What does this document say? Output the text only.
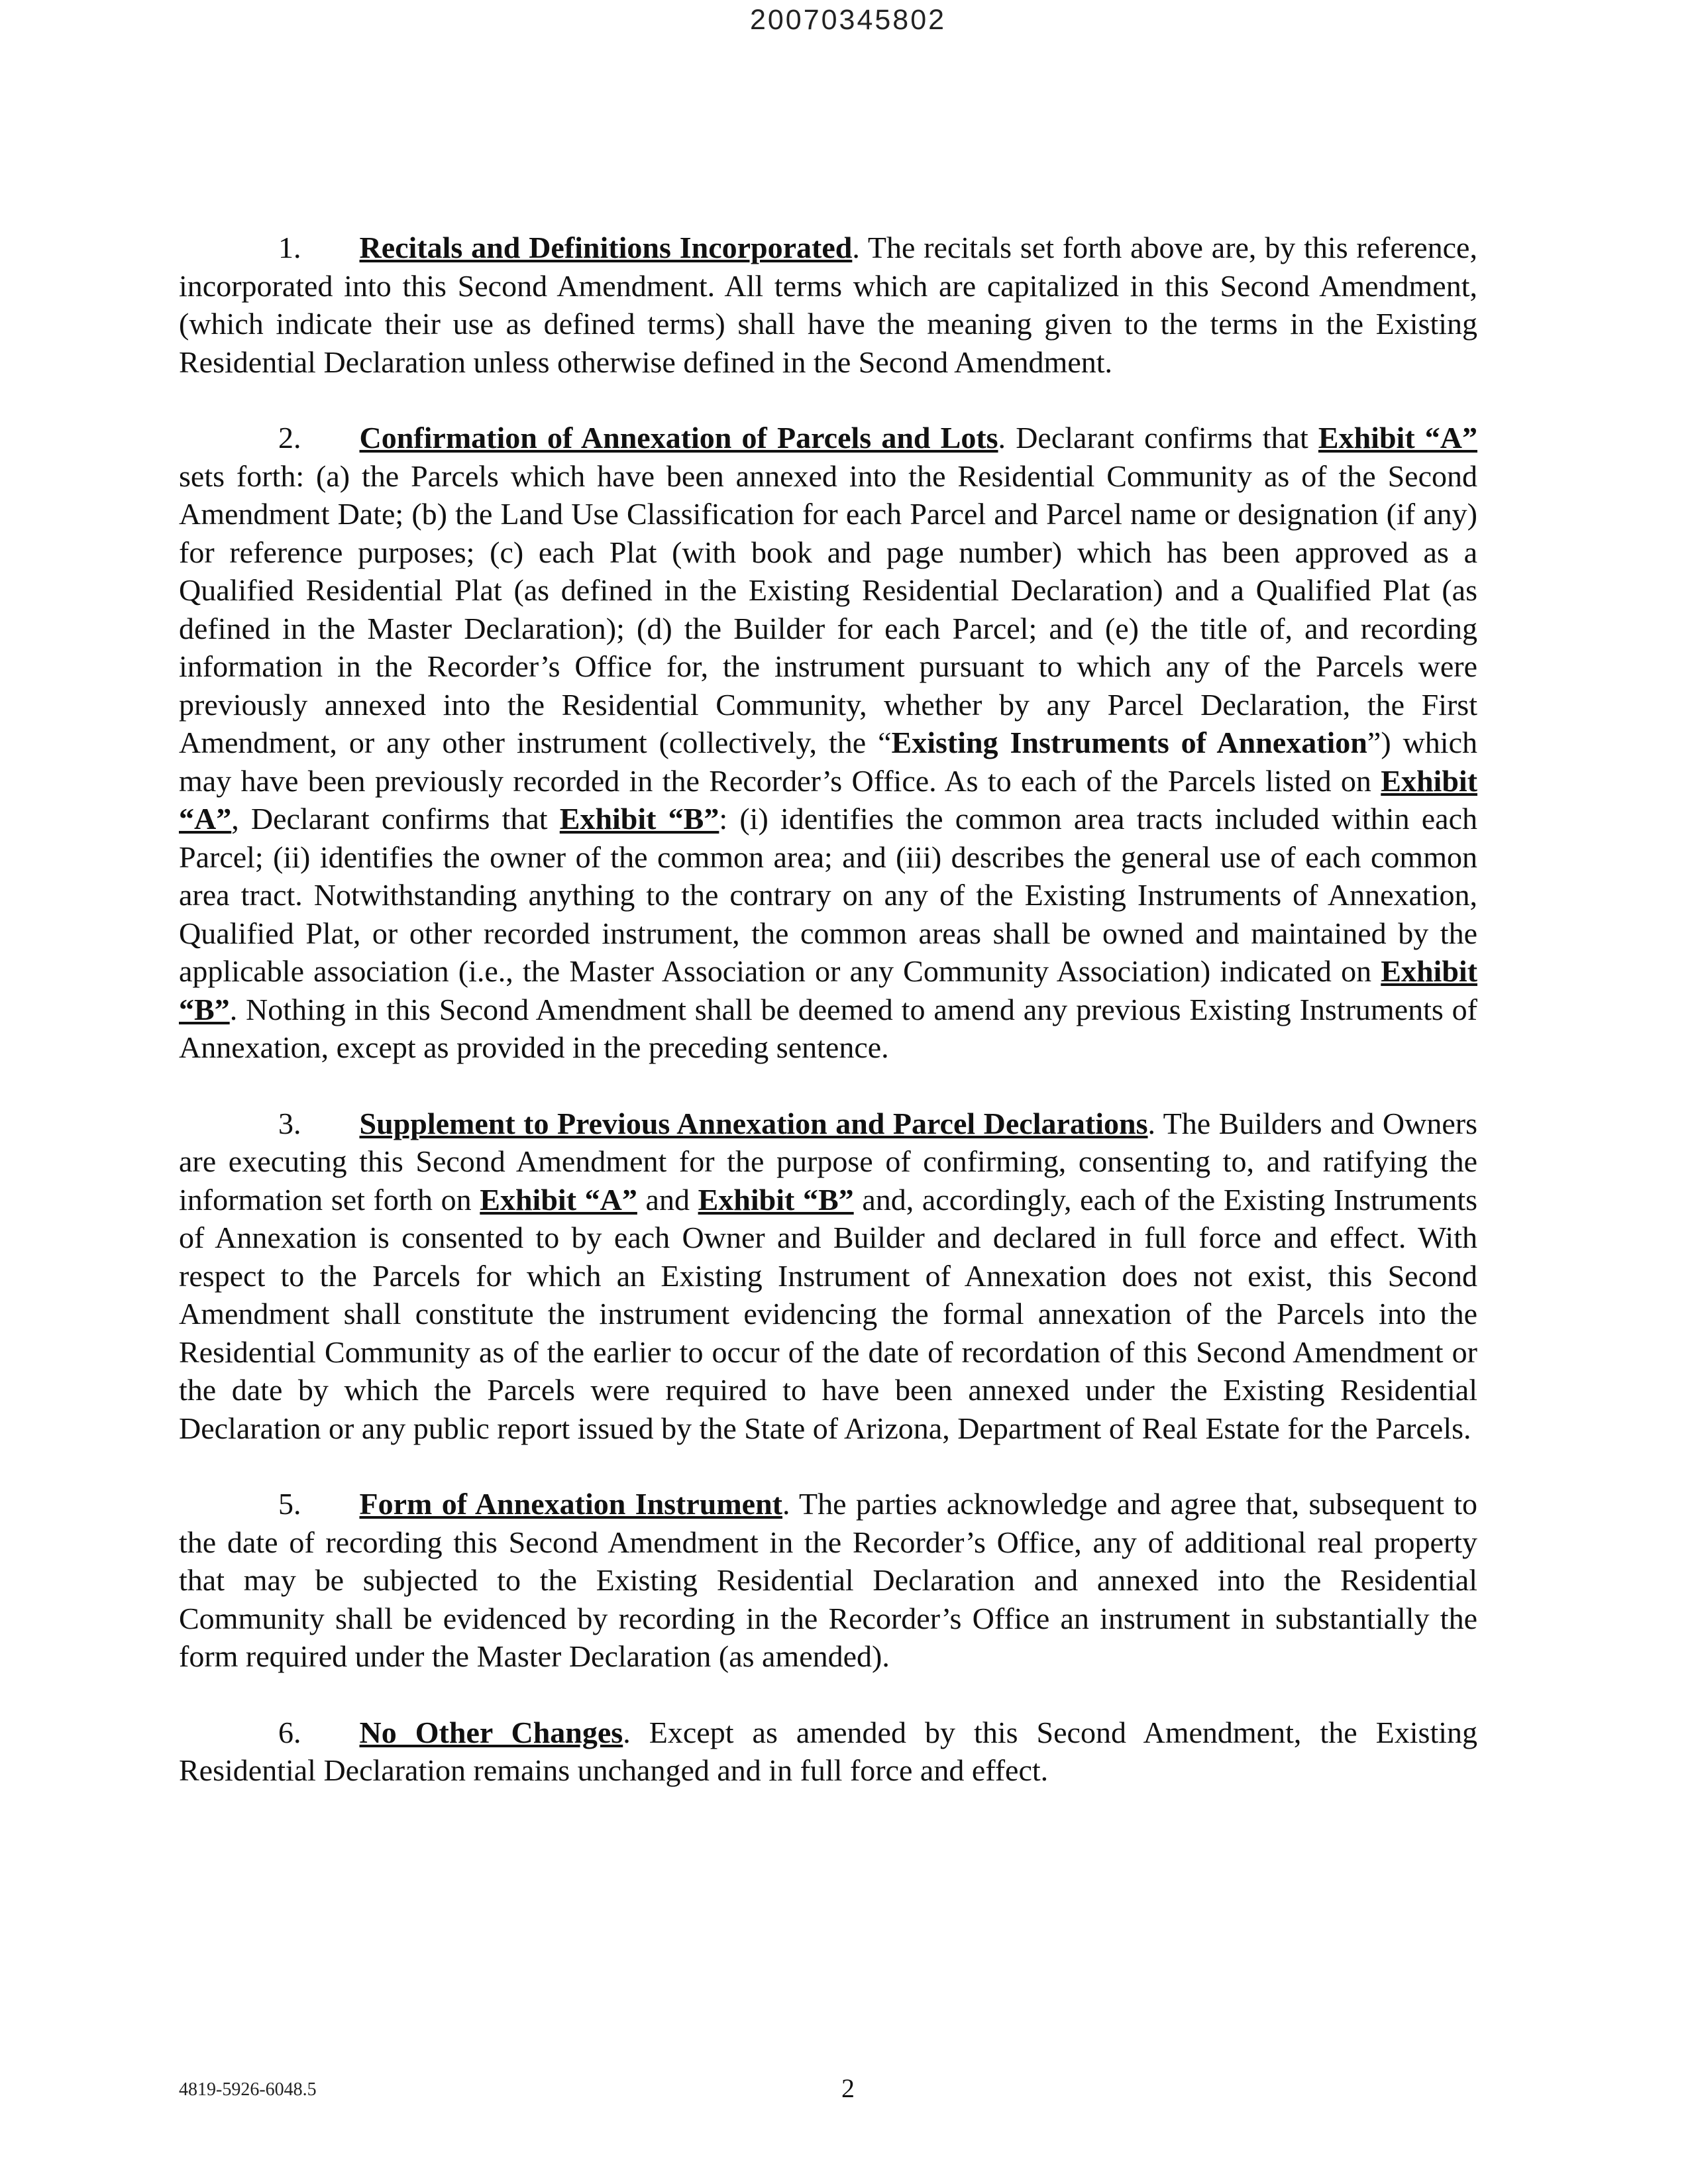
20070345802

1. Recitals and Definitions Incorporated. The recitals set forth above are, by this reference, incorporated into this Second Amendment. All terms which are capitalized in this Second Amendment, (which indicate their use as defined terms) shall have the meaning given to the terms in the Existing Residential Declaration unless otherwise defined in the Second Amendment.

2. Confirmation of Annexation of Parcels and Lots. Declarant confirms that Exhibit “A” sets forth: (a) the Parcels which have been annexed into the Residential Community as of the Second Amendment Date; (b) the Land Use Classification for each Parcel and Parcel name or designation (if any) for reference purposes; (c) each Plat (with book and page number) which has been approved as a Qualified Residential Plat (as defined in the Existing Residential Declaration) and a Qualified Plat (as defined in the Master Declaration); (d) the Builder for each Parcel; and (e) the title of, and recording information in the Recorder’s Office for, the instrument pursuant to which any of the Parcels were previously annexed into the Residential Community, whether by any Parcel Declaration, the First Amendment, or any other instrument (collectively, the “Existing Instruments of Annexation”) which may have been previously recorded in the Recorder’s Office. As to each of the Parcels listed on Exhibit “A”, Declarant confirms that Exhibit “B”: (i) identifies the common area tracts included within each Parcel; (ii) identifies the owner of the common area; and (iii) describes the general use of each common area tract. Notwithstanding anything to the contrary on any of the Existing Instruments of Annexation, Qualified Plat, or other recorded instrument, the common areas shall be owned and maintained by the applicable association (i.e., the Master Association or any Community Association) indicated on Exhibit “B”. Nothing in this Second Amendment shall be deemed to amend any previous Existing Instruments of Annexation, except as provided in the preceding sentence.

3. Supplement to Previous Annexation and Parcel Declarations. The Builders and Owners are executing this Second Amendment for the purpose of confirming, consenting to, and ratifying the information set forth on Exhibit “A” and Exhibit “B” and, accordingly, each of the Existing Instruments of Annexation is consented to by each Owner and Builder and declared in full force and effect. With respect to the Parcels for which an Existing Instrument of Annexation does not exist, this Second Amendment shall constitute the instrument evidencing the formal annexation of the Parcels into the Residential Community as of the earlier to occur of the date of recordation of this Second Amendment or the date by which the Parcels were required to have been annexed under the Existing Residential Declaration or any public report issued by the State of Arizona, Department of Real Estate for the Parcels.

5. Form of Annexation Instrument. The parties acknowledge and agree that, subsequent to the date of recording this Second Amendment in the Recorder’s Office, any of additional real property that may be subjected to the Existing Residential Declaration and annexed into the Residential Community shall be evidenced by recording in the Recorder’s Office an instrument in substantially the form required under the Master Declaration (as amended).

6. No Other Changes. Except as amended by this Second Amendment, the Existing Residential Declaration remains unchanged and in full force and effect.

4819-5926-6048.5	2
